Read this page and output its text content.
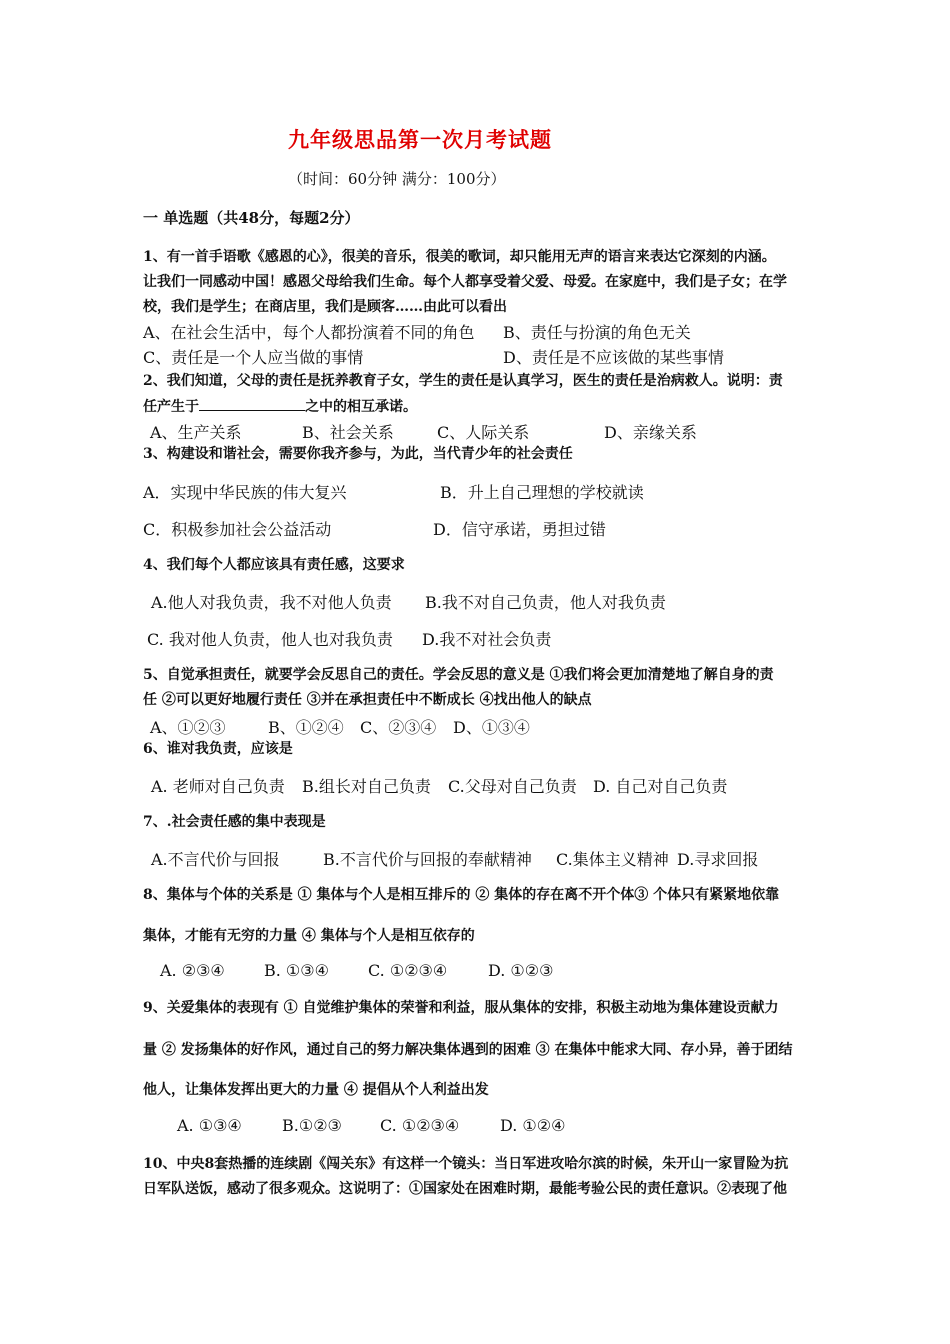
九年级思品第一次月考试题
（时间：60分钟 满分：100分）
一 单选题（共48分，每题2分）
1、有一首手语歌《感恩的心》，很美的音乐，很美的歌词，却只能用无声的语言来表达它深刻的内涵。
让我们一同感动中国！感恩父母给我们生命。每个人都享受着父爱、母爱。在家庭中，我们是子女；在学
校，我们是学生；在商店里，我们是顾客……由此可以看出
A、在社会生活中，每个人都扮演着不同的角色 B、责任与扮演的角色无关
C、责任是一个人应当做的事情	D、责任是不应该做的某些事情
2、我们知道，父母的责任是抚养教育子女，学生的责任是认真学习，医生的责任是治病救人。说明：责
任产生于	之中的相互承诺。
A、生产关系	B、社会关系	C、人际关系	D、亲缘关系
3、构建设和谐社会，需要你我齐参与，为此，当代青少年的社会责任
A．实现中华民族的伟大复兴	B．升上自己理想的学校就读
C．积极参加社会公益活动	D．信守承诺，勇担过错
4、我们每个人都应该具有责任感，这要求
A.他人对我负责，我不对他人负责 B.我不对自己负责，他人对我负责
C. 我对他人负责，他人也对我负责 D.我不对社会负责
5、自觉承担责任，就要学会反思自己的责任。学会反思的意义是 ①我们将会更加清楚地了解自身的责
任 ②可以更好地履行责任 ③并在承担责任中不断成长 ④找出他人的缺点
A、①②③	B、①②④ C、②③④ D、①③④
6、谁对我负责，应该是
A. 老师对自己负责 B.组长对自己负责 C.父母对自己负责 D. 自己对自己负责
7、.社会责任感的集中表现是
A.不言代价与回报	B.不言代价与回报的奉献精神 C.集体主义精神 D.寻求回报
8、集体与个体的关系是 ① 集体与个人是相互排斥的 ② 集体的存在离不开个体③ 个体只有紧紧地依靠
集体，才能有无穷的力量 ④ 集体与个人是相互依存的
A. ②③④ B. ①③④ C. ①②③④	D. ①②③
9、关爱集体的表现有 ① 自觉维护集体的荣誉和利益，服从集体的安排，积极主动地为集体建设贡献力
量 ② 发扬集体的好作风，通过自己的努力解决集体遇到的困难 ③ 在集体中能求大同、存小异，善于团结
他人，让集体发挥出更大的力量 ④ 提倡从个人利益出发
A. ①③④	B.①②③ C. ①②③④	D. ①②④
10、中央8套热播的连续剧《闯关东》有这样一个镜头：当日军进攻哈尔滨的时候，朱开山一家冒险为抗
日军队送饭，感动了很多观众。这说明了：①国家处在困难时期，最能考验公民的责任意识。②表现了他
